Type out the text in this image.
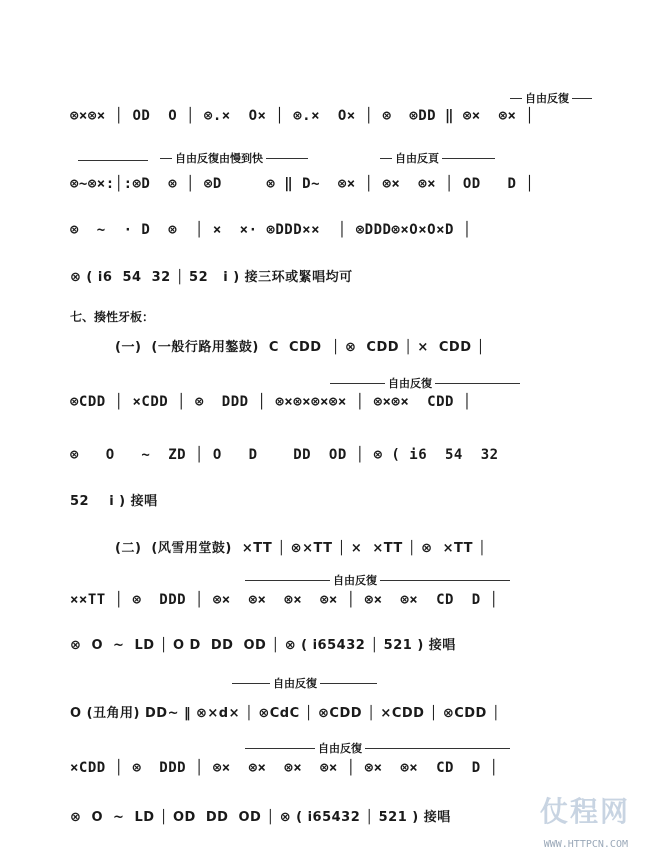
自由反復
⊗×⊗× │ OD  O │ ⊗.×  O× │ ⊗.×  O× │ ⊗  ⊗DD ‖ ⊗×  ⊗× │
自由反復由慢到快	自由反頁
⊗~⊗×:│:⊗D  ⊗ │ ⊗D     ⊗ ‖ D~  ⊗× │ ⊗×  ⊗× │ OD   D │
⊗  ~  · D  ⊗  │ ×  ×· ⊗DDD××  │ ⊗DDD⊗×O×O×D │
⊗ ( i6  54  32 │ 52   i ) 接三环或緊唱均可
七、揍性牙板：
(一)  (一般行路用鏊鼓)  C  CDD  │ ⊗  CDD │ ×  CDD │
自由反復
⊗CDD │ ×CDD │ ⊗  DDD │ ⊗×⊗×⊗×⊗× │ ⊗×⊗×  CDD │
⊗   O   ~  ZD │ O   D    DD  OD │ ⊗ ( i6  54  32
52    i ) 接唱
(二)  (风雪用堂鼓)  ×TT │ ⊗×TT │ ×  ×TT │ ⊗  ×TT │
自由反復
××TT │ ⊗  DDD │ ⊗×  ⊗×  ⊗×  ⊗× │ ⊗×  ⊗×  CD  D │
⊗  O  ~  LD │ O D  DD  OD │ ⊗ ( i65432 │ 521 ) 接唱
自由反復
O (丑角用) DD~ ‖ ⊗×d× │ ⊗CdC │ ⊗CDD │ ×CDD │ ⊗CDD │
自由反復
×CDD │ ⊗  DDD │ ⊗×  ⊗×  ⊗×  ⊗× │ ⊗×  ⊗×  CD  D │
⊗  O  ~  LD │ OD  DD  OD │ ⊗ ( i65432 │ 521 ) 接唱	仗程网
WWW.HTTPCN.COM
